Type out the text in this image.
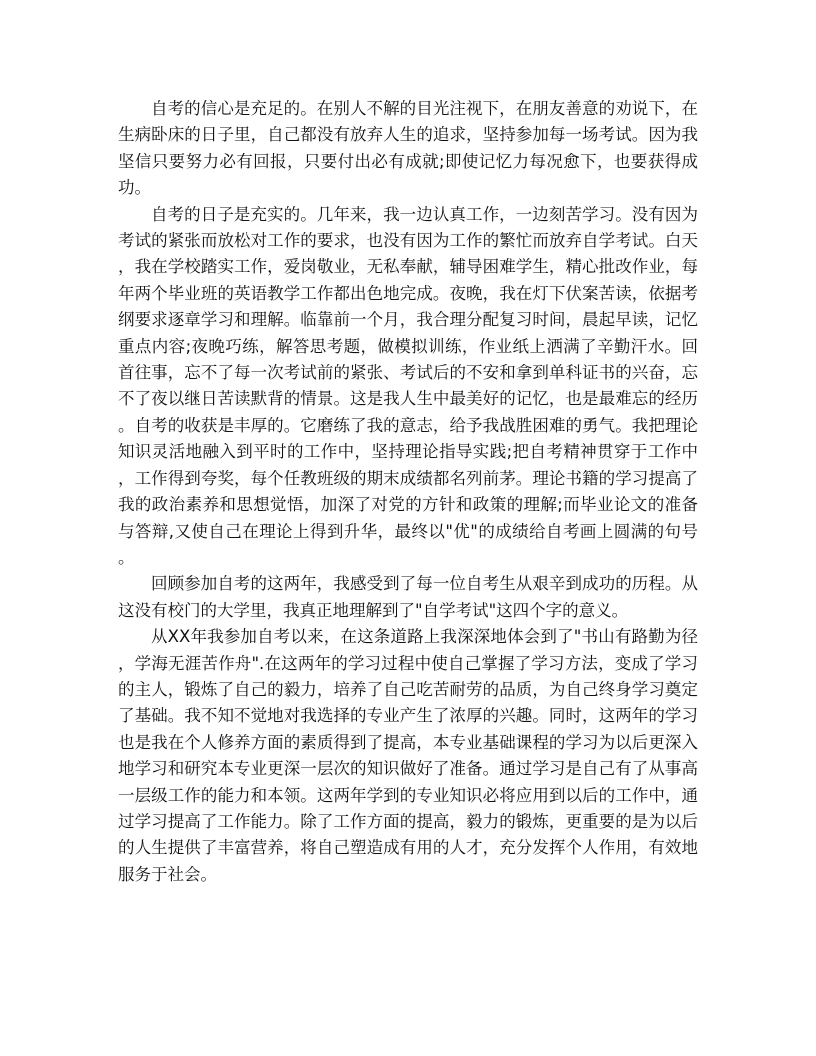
自考的信心是充足的。在别人不解的目光注视下，在朋友善意的劝说下，在生病卧床的日子里，自己都没有放弃人生的追求，坚持参加每一场考试。因为我坚信只要努力必有回报，只要付出必有成就;即使记忆力每况愈下，也要获得成功。

自考的日子是充实的。几年来，我一边认真工作，一边刻苦学习。没有因为考试的紧张而放松对工作的要求，也没有因为工作的繁忙而放弃自学考试。白天，我在学校踏实工作，爱岗敬业，无私奉献，辅导困难学生，精心批改作业，每年两个毕业班的英语教学工作都出色地完成。夜晚，我在灯下伏案苦读，依据考纲要求逐章学习和理解。临靠前一个月，我合理分配复习时间，晨起早读，记忆重点内容;夜晚巧练，解答思考题，做模拟训练，作业纸上洒满了辛勤汗水。回首往事，忘不了每一次考试前的紧张、考试后的不安和拿到单科证书的兴奋，忘不了夜以继日苦读默背的情景。这是我人生中最美好的记忆，也是最难忘的经历。自考的收获是丰厚的。它磨练了我的意志，给予我战胜困难的勇气。我把理论知识灵活地融入到平时的工作中，坚持理论指导实践;把自考精神贯穿于工作中，工作得到夸奖，每个任教班级的期末成绩都名列前茅。理论书籍的学习提高了我的政治素养和思想觉悟，加深了对党的方针和政策的理解;而毕业论文的准备与答辩,又使自己在理论上得到升华，最终以"优"的成绩给自考画上圆满的句号。

回顾参加自考的这两年，我感受到了每一位自考生从艰辛到成功的历程。从这没有校门的大学里，我真正地理解到了"自学考试"这四个字的意义。

从XX年我参加自考以来，在这条道路上我深深地体会到了"书山有路勤为径，学海无涯苦作舟".在这两年的学习过程中使自己掌握了学习方法，变成了学习的主人，锻炼了自己的毅力，培养了自己吃苦耐劳的品质，为自己终身学习奠定了基础。我不知不觉地对我选择的专业产生了浓厚的兴趣。同时，这两年的学习也是我在个人修养方面的素质得到了提高，本专业基础课程的学习为以后更深入地学习和研究本专业更深一层次的知识做好了准备。通过学习是自己有了从事高一层级工作的能力和本领。这两年学到的专业知识必将应用到以后的工作中，通过学习提高了工作能力。除了工作方面的提高，毅力的锻炼，更重要的是为以后的人生提供了丰富营养，将自己塑造成有用的人才，充分发挥个人作用，有效地服务于社会。
